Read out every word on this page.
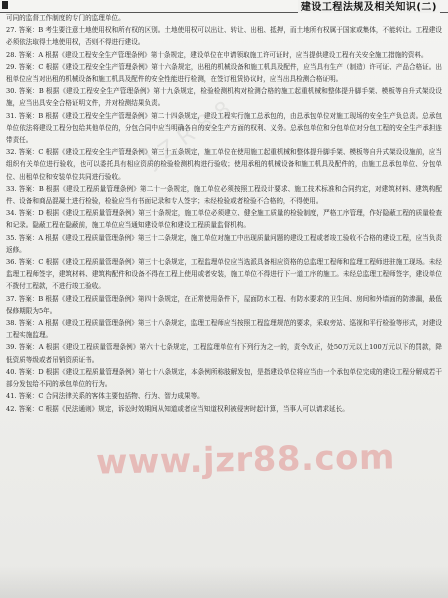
建设工程法规及相关知识(二)
JZR88

可同的监督工作制度的专门的监理单位。

27. 答案：B 考生要注意土地使用权和所有权的区别。土地使用权可以出让、转让、出租、抵押，而土地所有权属于国家或集体，不能转让。工程建设必须依法取得土地使用权，否则不得进行建设。

28. 答案：A 根据《建设工程安全生产管理条例》第十条规定，建设单位在申请领取施工许可证时，应当提供建设工程有关安全施工措施的资料。

29. 答案：C 根据《建设工程安全生产管理条例》第十六条规定，出租的机械设备和施工机具及配件，应当具有生产（制造）许可证、产品合格证。出租单位应当对出租的机械设备和施工机具及配件的安全性能进行检测，在签订租赁协议时，应当出具检测合格证明。

30. 答案：B 根据《建设工程安全生产管理条例》第十九条规定，检验检测机构对检测合格的施工起重机械和整体提升脚手架、模板等自升式架设设施，应当出具安全合格证明文件，并对检测结果负责。

31. 答案：B 根据《建设工程安全生产管理条例》第二十四条规定，建设工程实行施工总承包的，由总承包单位对施工现场的安全生产负总责。总承包单位依法将建设工程分包给其他单位的，分包合同中应当明确各自的安全生产方面的权利、义务。总承包单位和分包单位对分包工程的安全生产承担连带责任。

32. 答案：C 根据《建设工程安全生产管理条例》第三十五条规定，施工单位在使用施工起重机械和整体提升脚手架、模板等自升式架设设施前，应当组织有关单位进行验收，也可以委托具有相应资质的检验检测机构进行验收；使用承租的机械设备和施工机具及配件的，由施工总承包单位、分包单位、出租单位和安装单位共同进行验收。

33. 答案：B 根据《建设工程质量管理条例》第二十一条规定，施工单位必须按照工程设计要求、施工技术标准和合同约定，对建筑材料、建筑构配件、设备和商品混凝土进行检验，检验应当有书面记录和专人签字；未经检验或者检验不合格的，不得使用。

34. 答案：D 根据《建设工程质量管理条例》第三十条规定，施工单位必须建立、健全施工质量的检验制度，严格工序管理，作好隐蔽工程的质量检查和记录。隐蔽工程在隐蔽前，施工单位应当通知建设单位和建设工程质量监督机构。

35. 答案：A 根据《建设工程质量管理条例》第三十二条规定，施工单位对施工中出现质量问题的建设工程或者竣工验收不合格的建设工程，应当负责返修。

36. 答案：C 根据《建设工程质量管理条例》第三十七条规定，工程监理单位应当选派具备相应资格的总监理工程师和监理工程师进驻施工现场。未经监理工程师签字，建筑材料、建筑构配件和设备不得在工程上使用或者安装，施工单位不得进行下一道工序的施工。未经总监理工程师签字，建设单位不拨付工程款，不进行竣工验收。

37. 答案：B 根据《建设工程质量管理条例》第四十条规定，在正常使用条件下，屋面防水工程、有防水要求的卫生间、房间和外墙面的防渗漏，最低保修期限为5年。

38. 答案：A 根据《建设工程质量管理条例》第三十八条规定，监理工程师应当按照工程监理规范的要求，采取旁站、巡视和平行检验等形式，对建设工程实施监理。

39. 答案：A 根据《建设工程质量管理条例》第六十七条规定，工程监理单位有下列行为之一的，责令改正，处50万元以上100万元以下的罚款，降低资质等级或者吊销资质证书。

40. 答案：D 根据《建设工程质量管理条例》第七十八条规定，本条例所称肢解发包，是指建设单位将应当由一个承包单位完成的建设工程分解成若干部分发包给不同的承包单位的行为。

41. 答案：C 合同法律关系的客体主要包括物、行为、智力成果等。

42. 答案：C 根据《民法通则》规定，诉讼时效期间从知道或者应当知道权利被侵害时起计算，当事人可以请求延长。

www.jzr88.com
